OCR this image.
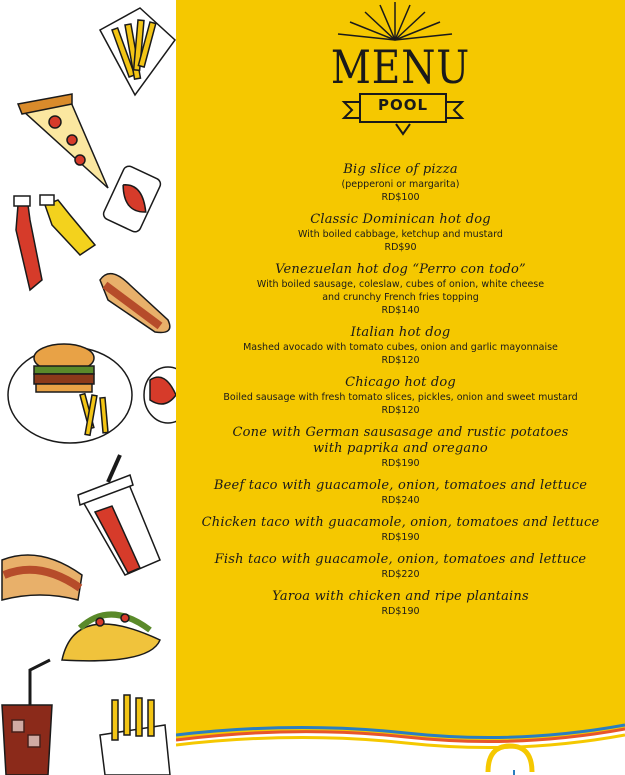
MENU
POOL
Big slice of pizza
(pepperoni or margarita)
RD$100
Classic Dominican hot dog
With boiled cabbage, ketchup and mustard
RD$90
Venezuelan hot dog “Perro con todo”
With boiled sausage, coleslaw, cubes of onion, white cheese
and crunchy French fries topping
RD$140
Italian hot dog
Mashed avocado with tomato cubes, onion and garlic mayonnaise
RD$120
Chicago hot dog
Boiled sausage with fresh tomato slices, pickles, onion and sweet mustard
RD$120
Cone with German sausasage and rustic potatoes
with paprika and oregano
RD$190
Beef taco with guacamole, onion, tomatoes and lettuce
RD$240
Chicken taco with guacamole, onion, tomatoes and lettuce
RD$190
Fish taco with guacamole, onion, tomatoes and lettuce
RD$220
Yaroa with chicken and ripe plantains
RD$190
